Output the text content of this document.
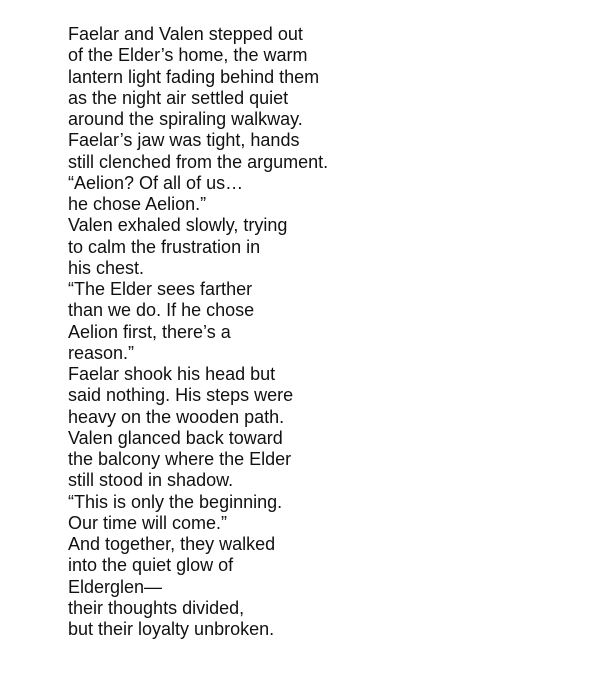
Faelar and Valen stepped out

of the Elder’s home, the warm

lantern light fading behind them

as the night air settled quiet

around the spiraling walkway.

Faelar’s jaw was tight, hands

still clenched from the argument.

“Aelion? Of all of us…

he chose Aelion.”

Valen exhaled slowly, trying

to calm the frustration in

his chest.

“The Elder sees farther

than we do. If he chose

Aelion first, there’s a

reason.”

Faelar shook his head but

said nothing. His steps were

heavy on the wooden path.

Valen glanced back toward

the balcony where the Elder

still stood in shadow.

“This is only the beginning.

Our time will come.”

And together, they walked

into the quiet glow of

Elderglen—

their thoughts divided,

but their loyalty unbroken.
